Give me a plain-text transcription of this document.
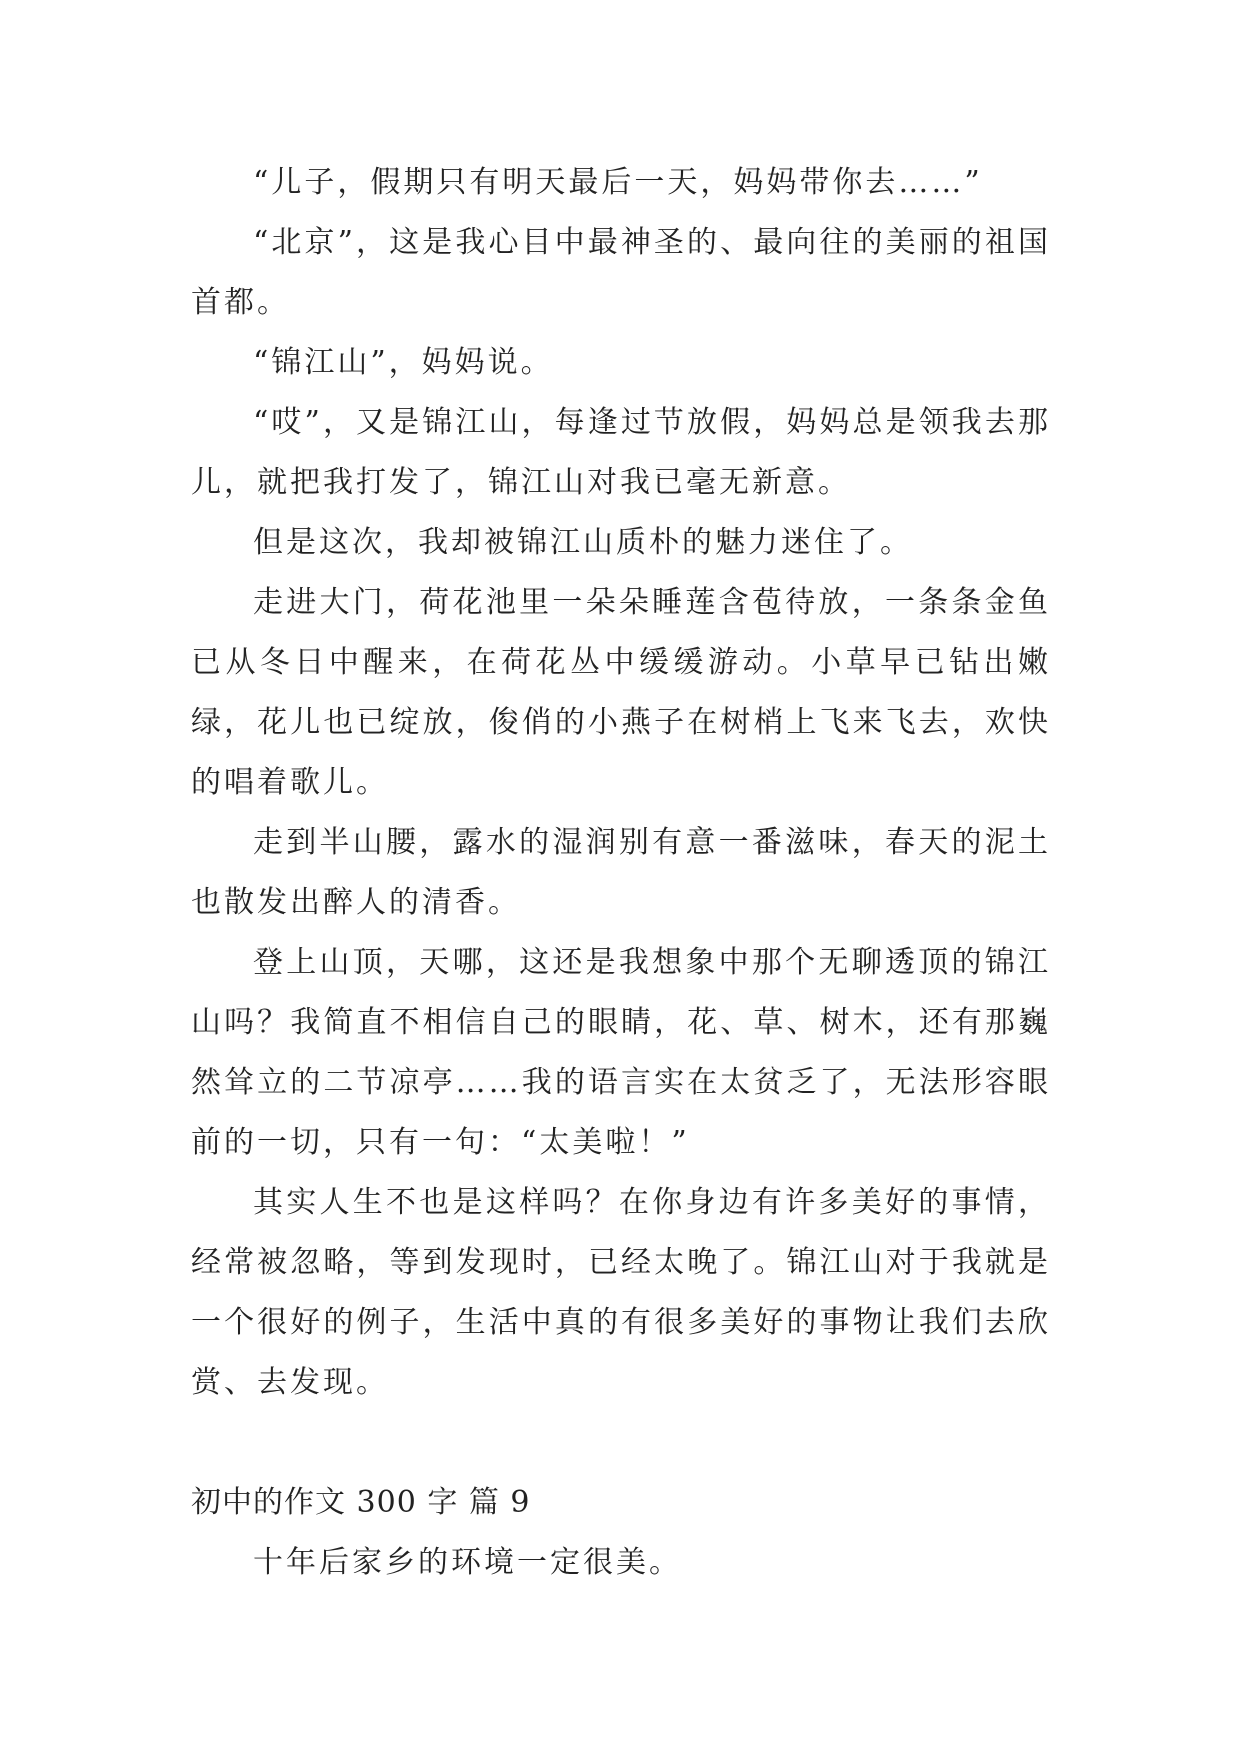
“儿子，假期只有明天最后一天，妈妈带你去……”

“北京”，这是我心目中最神圣的、最向往的美丽的祖国首都。

“锦江山”，妈妈说。

“哎”，又是锦江山，每逢过节放假，妈妈总是领我去那儿，就把我打发了，锦江山对我已毫无新意。

但是这次，我却被锦江山质朴的魅力迷住了。

走进大门，荷花池里一朵朵睡莲含苞待放，一条条金鱼已从冬日中醒来，在荷花丛中缓缓游动。小草早已钻出嫩绿，花儿也已绽放，俊俏的小燕子在树梢上飞来飞去，欢快的唱着歌儿。

走到半山腰，露水的湿润别有意一番滋味，春天的泥土也散发出醉人的清香。

登上山顶，天哪，这还是我想象中那个无聊透顶的锦江山吗？我简直不相信自己的眼睛，花、草、树木，还有那巍然耸立的二节凉亭……我的语言实在太贫乏了，无法形容眼前的一切，只有一句：“太美啦！”

其实人生不也是这样吗？在你身边有许多美好的事情，经常被忽略，等到发现时，已经太晚了。锦江山对于我就是一个很好的例子，生活中真的有很多美好的事物让我们去欣赏、去发现。

初中的作文 300 字 篇 9

十年后家乡的环境一定很美。
